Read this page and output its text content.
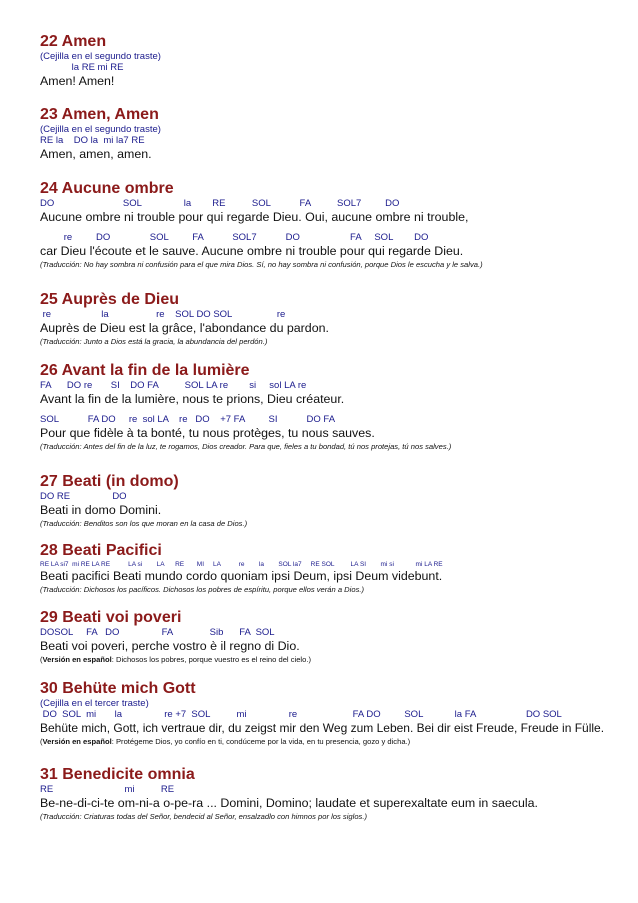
22 Amen
(Cejilla en el segundo traste)
la RE mi RE
Amen! Amen!
23 Amen, Amen
(Cejilla en el segundo traste)
RE la    DO la  mi la7 RE
Amen, amen, amen.
24 Aucune ombre
DO                          SOL                la        RE          SOL           FA          SOL7         DO
Aucune ombre ni trouble pour qui regarde Dieu. Oui, aucune ombre ni trouble,
re         DO               SOL         FA           SOL7           DO                   FA     SOL        DO
car Dieu l'écoute et le sauve. Aucune ombre ni trouble pour qui regarde Dieu.
(Traducción: No hay sombra ni confusión para el que mira Dios. Sí, no hay sombra ni confusión, porque Dios le escucha y le salva.)
25 Auprès de Dieu
re                   la                  re    SOL DO SOL                 re
Auprès de Dieu est la grâce, l'abondance du pardon.
(Traducción: Junto a Dios está la gracia, la abundancia del perdón.)
26 Avant la fin de la lumière
FA      DO re       SI    DO FA          SOL LA re        si     sol LA re
Avant la fin de la lumière, nous te prions, Dieu créateur.
SOL           FA DO     re  sol LA    re   DO    +7 FA         SI           DO FA
Pour que fidèle à ta bonté, tu nous protèges, tu nous sauves.
(Traducción: Antes del fin de la luz, te rogamos, Dios creador. Para que, fieles a tu bondad, tú nos protejas, tú nos salves.)
27 Beati (in domo)
DO RE                DO
Beati in domo Domini.
(Traducción: Benditos son los que moran en la casa de Dios.)
28 Beati Pacifici
RE LA si7  mi RE LA RE          LA si        LA      RE       MI     LA          re        la        SOL la7     RE SOL         LA SI        mi si            mi LA RE
Beati pacifici Beati mundo cordo quoniam ipsi Deum, ipsi Deum videbunt.
(Traducción: Dichosos los pacíficos. Dichosos los pobres de espíritu, porque ellos verán a Dios.)
29 Beati voi poveri
DOSOL     FA   DO                FA              Sib      FA  SOL
Beati voi poveri, perche vostro è il regno di Dio.
(Versión en español: Dichosos los pobres, porque vuestro es el reino del cielo.)
30 Behüte mich Gott
(Cejilla en el tercer traste)
DO  SOL  mi       la                re +7  SOL          mi                re                     FA DO         SOL            la FA                   DO SOL
Behüte mich, Gott, ich vertraue dir, du zeigst mir den Weg zum Leben. Bei dir eist Freude, Freude in Fülle.
(Versión en español: Protégeme Dios, yo confío en ti, condúceme por la vida, en tu presencia, gozo y dicha.)
31 Benedicite omnia
RE                           mi          RE
Be-ne-di-ci-te om-ni-a o-pe-ra ... Domini, Domino; laudate et superexaltate eum in saecula.
(Traducción: Criaturas todas del Señor, bendecid al Señor, ensalzadlo con himnos por los siglos.)
